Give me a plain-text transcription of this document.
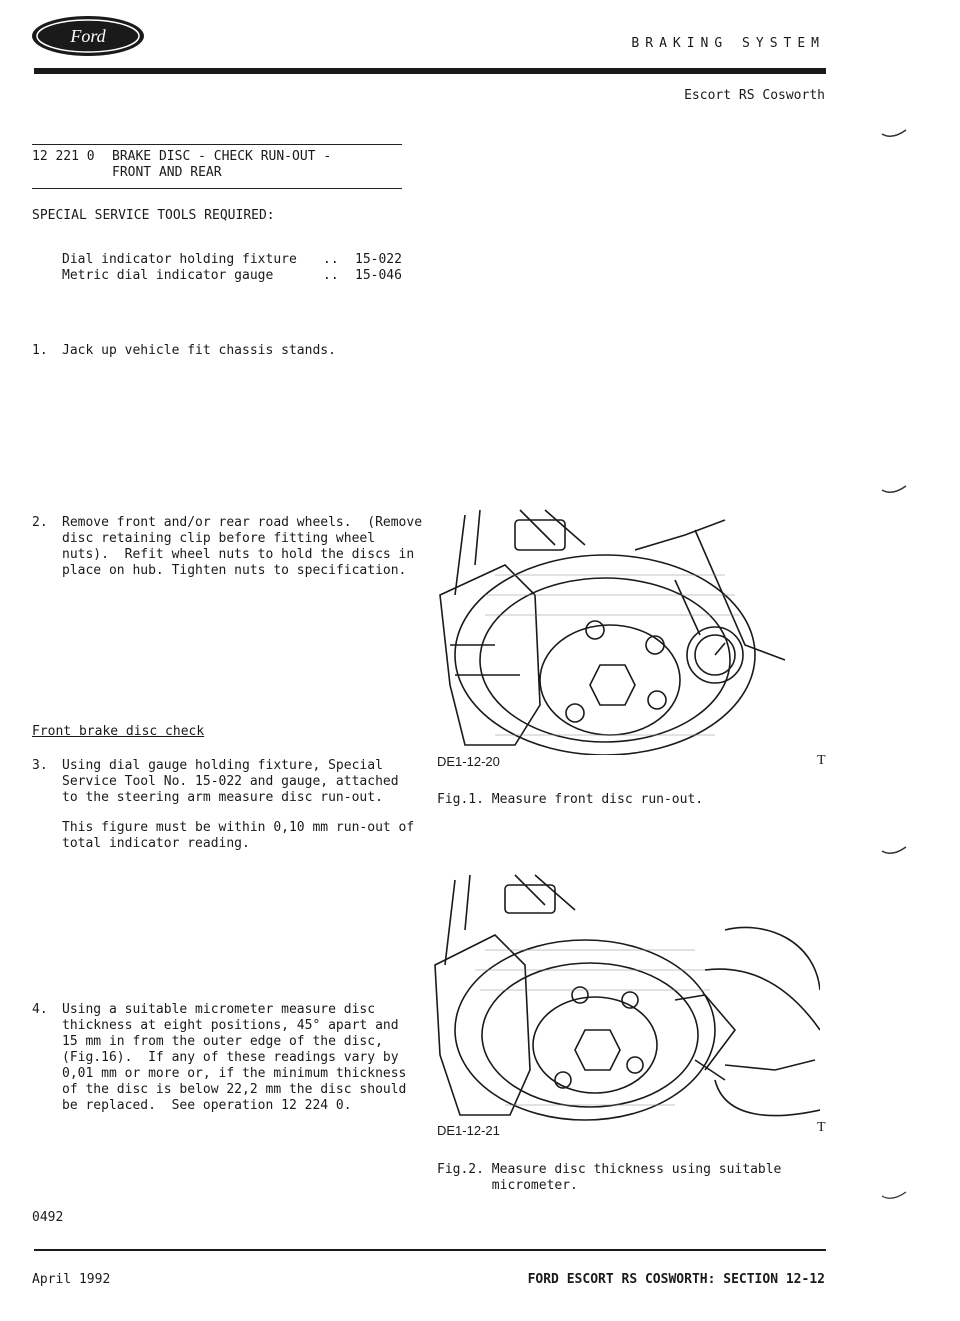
Ford	BRAKING SYSTEM
Escort RS Cosworth
12 221 0 BRAKE DISC - CHECK RUN-OUT -
FRONT AND REAR
SPECIAL SERVICE TOOLS REQUIRED:
Dial indicator holding fixture .. 15-022
Metric dial indicator gauge	.. 15-046
1. Jack up vehicle fit chassis stands.
2. Remove front and/or rear road wheels.  (Remove
disc retaining clip before fitting wheel
nuts).  Refit wheel nuts to hold the discs in
place on hub. Tighten nuts to specification.
Front brake disc check
3. Using dial gauge holding fixture, Special
Service Tool No. 15-022 and gauge, attached
to the steering arm measure disc run-out.
This figure must be within 0,10 mm run-out of
total indicator reading.
4. Using a suitable micrometer measure disc
thickness at eight positions, 45° apart and
15 mm in from the outer edge of the disc,
(Fig.16).  If any of these readings vary by
0,01 mm or more or, if the minimum thickness
of the disc is below 22,2 mm the disc should
be replaced.  See operation 12 224 0.
DE1-12-20	T
Fig.1. Measure front disc run-out.
DE1-12-21	T
Fig.2. Measure disc thickness using suitable
micrometer.
0492
April 1992	FORD ESCORT RS COSWORTH: SECTION 12-12
